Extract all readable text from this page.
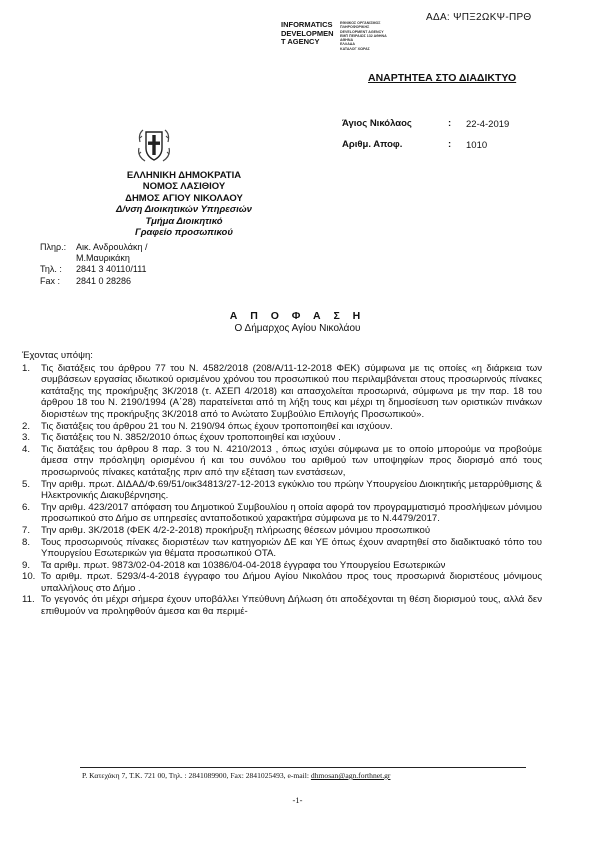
ΑΔΑ: ΨΠΞ2ΩΚΨ-ΠΡΘ
INFORMATICS
DEVELOPMEN
T AGENCY
ΕΘΝΙΚΟΣ ΟΡΓΑΝΙΣΜΟΣ
ΠΛΗΡΟΦΟΡΙΚΗΣ
DEVELOPMENT AGENCY
ΕΜΠ ΠΕΙΡΑΙΩΣ 132 ΑΘΗΝΑ
ΑΘΗΝΑ
ΕΛΛΑΔΑ
ΚΑΤΑΛΟΓ ΧΩΡΑΣ
ΑΝΑΡΤΗΤΕΑ ΣΤΟ ΔΙΑΔΙΚΤΥΟ
Άγιος Νικόλαος	: 22-4-2019
Αριθμ. Αποφ.	: 1010
ΕΛΛΗΝΙΚΗ ΔΗΜΟΚΡΑΤΙΑ
ΝΟΜΟΣ ΛΑΣΙΘΙΟΥ
ΔΗΜΟΣ ΑΓΙΟΥ ΝΙΚΟΛΑΟΥ
Δ/νση Διοικητικών Υπηρεσιών
Τμήμα Διοικητικό
Γραφείο προσωπικού
Πληρ.:	Αικ. Ανδρουλάκη /
Μ.Μαυρικάκη
Τηλ. :	2841 3 40110/111
Fax :	2841 0 28286
Α Π Ο Φ Α Σ Η
Ο Δήμαρχος Αγίου Νικολάου
Έχοντας υπόψη:
1. Τις διατάξεις του άρθρου 77 του Ν. 4582/2018 (208/Α/11-12-2018 ΦΕΚ) σύμφωνα με τις οποίες «η διάρκεια των συμβάσεων εργασίας ιδιωτικού ορισμένου χρόνου του προσωπικού που περιλαμβάνεται στους προσωρινούς πίνακες κατάταξης της προκήρυξης 3Κ/2018 (τ. ΑΣΕΠ 4/2018) και απασχολείται προσωρινά, σύμφωνα με την παρ. 18 του άρθρου 18 του Ν. 2190/1994 (Α΄28) παρατείνεται από τη λήξη τους και μέχρι τη δημοσίευση των οριστικών πινάκων διοριστέων της προκήρυξης 3Κ/2018 από το Ανώτατο Συμβούλιο Επιλογής Προσωπικού».
2. Τις διατάξεις του άρθρου 21 του Ν. 2190/94 όπως έχουν τροποποιηθεί και ισχύουν.
3. Τις διατάξεις του Ν. 3852/2010 όπως έχουν τροποποιηθεί και ισχύουν .
4. Τις διατάξεις του άρθρου 8 παρ. 3 του Ν. 4210/2013 , όπως ισχύει σύμφωνα με το οποίο μπορούμε να προβούμε άμεσα στην πρόσληψη ορισμένου ή και του συνόλου του αριθμού των υποψηφίων προς διορισμό από τους προσωρινούς πίνακες κατάταξης πριν από την εξέταση των ενστάσεων,
5. Την αριθμ. πρωτ. ΔΙΔΑΔ/Φ.69/51/οικ34813/27-12-2013 εγκύκλιο του πρώην Υπουργείου Διοικητικής μεταρρύθμισης & Ηλεκτρονικής Διακυβέρνησης.
6. Την αριθμ. 423/2017 απόφαση του Δημοτικού Συμβουλίου η οποία αφορά τον προγραμματισμό προσλήψεων μόνιμου προσωπικού στο Δήμο σε υπηρεσίες ανταποδοτικού χαρακτήρα σύμφωνα με το Ν.4479/2017.
7. Την αριθμ. 3Κ/2018 (ΦΕΚ 4/2-2-2018) προκήρυξη πλήρωσης θέσεων μόνιμου προσωπικού
8. Τους προσωρινούς πίνακες διοριστέων των κατηγοριών ΔΕ και ΥΕ όπως έχουν αναρτηθεί στο διαδικτυακό τόπο του Υπουργείου Εσωτερικών για θέματα προσωπικού ΟΤΑ.
9. Τα αριθμ. πρωτ. 9873/02-04-2018 και 10386/04-04-2018 έγγραφα του Υπουργείου Εσωτερικών
10. Το αριθμ. πρωτ. 5293/4-4-2018 έγγραφο του Δήμου Αγίου Νικολάου προς τους προσωρινά διοριστέους μόνιμους υπαλλήλους στο Δήμο .
11. Το γεγονός ότι μέχρι σήμερα έχουν υποβάλλει Υπεύθυνη Δήλωση ότι αποδέχονται τη θέση διορισμού τους, αλλά δεν επιθυμούν να προληφθούν άμεσα και θα περιμέ-
Ρ. Κατεχάκη 7, Τ.Κ. 721 00, Τηλ. : 2841089900, Fax: 2841025493, e-mail: dhmosan@agn.forthnet.gr
-1-
